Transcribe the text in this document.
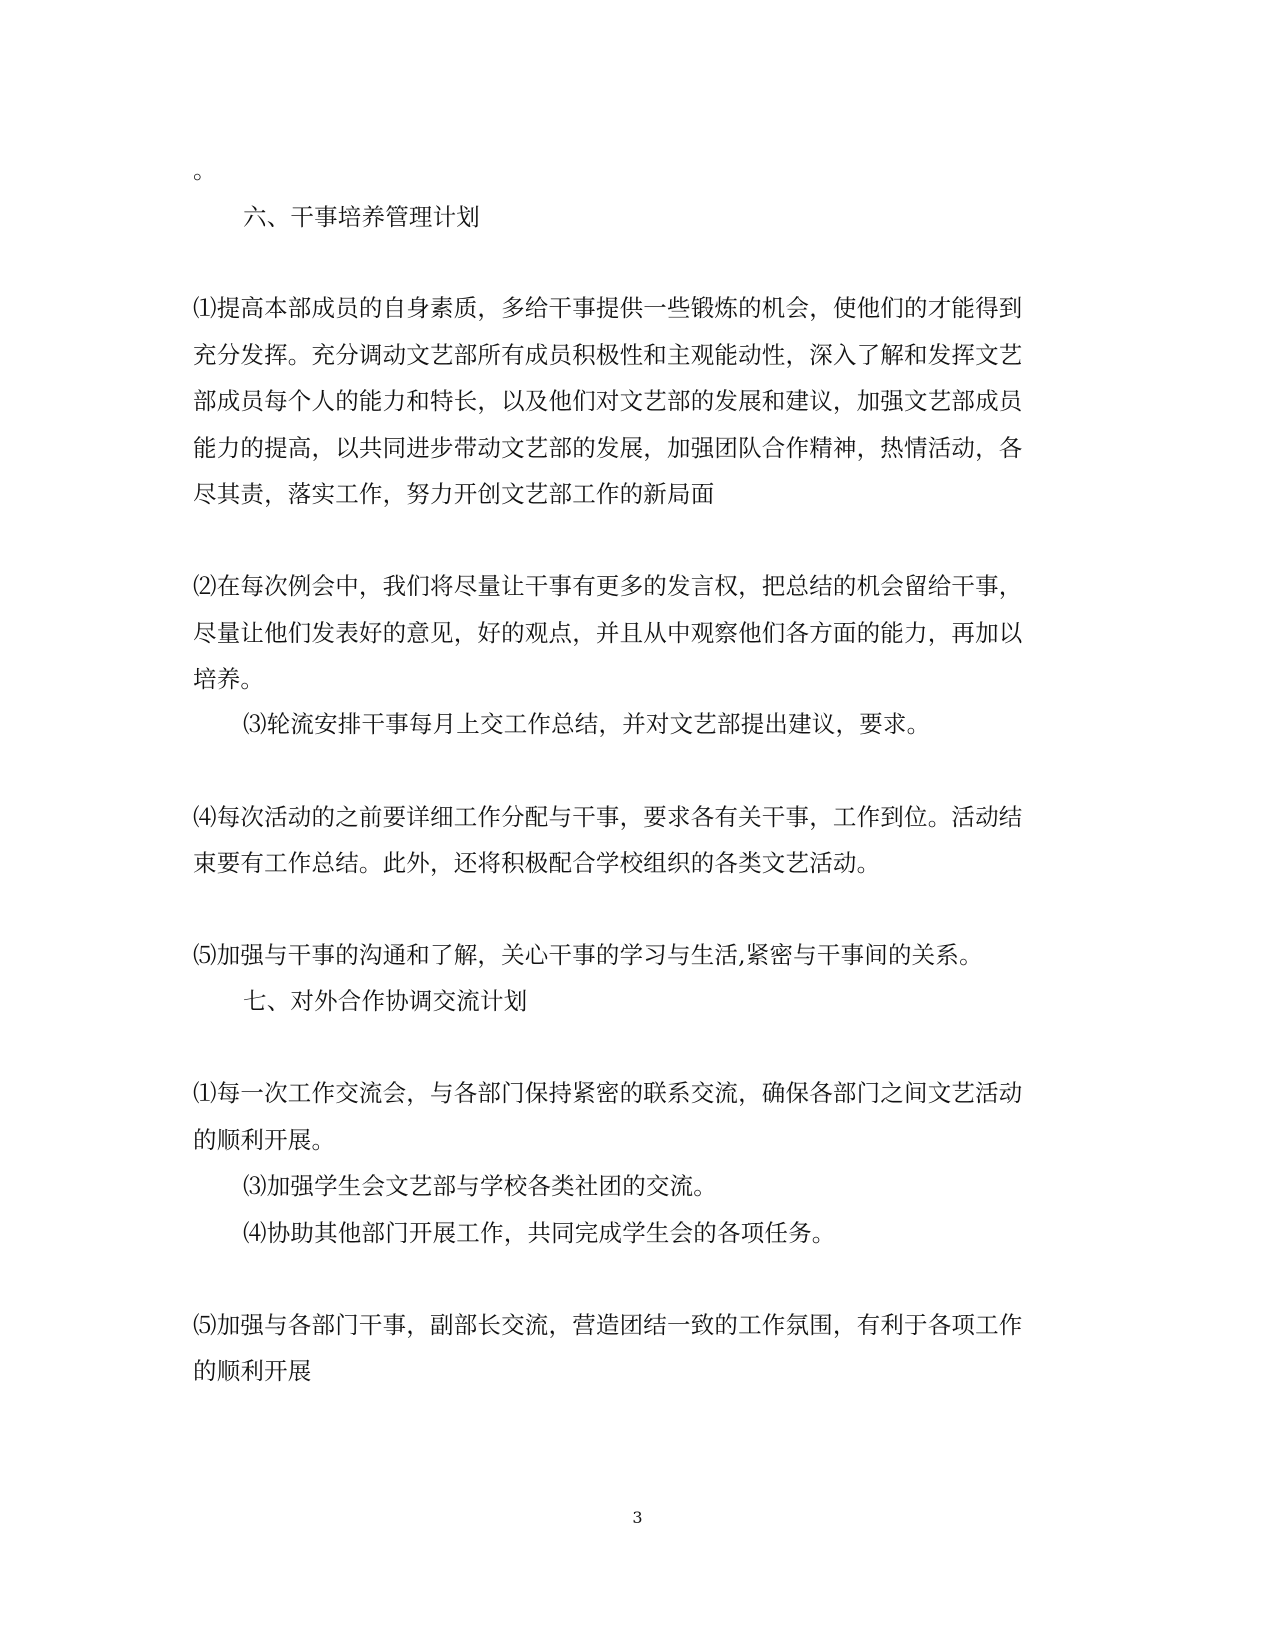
。
六、干事培养管理计划
⑴提高本部成员的自身素质，多给干事提供一些锻炼的机会，使他们的才能得到
充分发挥。充分调动文艺部所有成员积极性和主观能动性，深入了解和发挥文艺
部成员每个人的能力和特长，以及他们对文艺部的发展和建议，加强文艺部成员
能力的提高，以共同进步带动文艺部的发展，加强团队合作精神，热情活动，各
尽其责，落实工作，努力开创文艺部工作的新局面
⑵在每次例会中，我们将尽量让干事有更多的发言权，把总结的机会留给干事，
尽量让他们发表好的意见，好的观点，并且从中观察他们各方面的能力，再加以
培养。
⑶轮流安排干事每月上交工作总结，并对文艺部提出建议，要求。
⑷每次活动的之前要详细工作分配与干事，要求各有关干事，工作到位。活动结
束要有工作总结。此外，还将积极配合学校组织的各类文艺活动。
⑸加强与干事的沟通和了解，关心干事的学习与生活,紧密与干事间的关系。
七、对外合作协调交流计划
⑴每一次工作交流会，与各部门保持紧密的联系交流，确保各部门之间文艺活动
的顺利开展。
⑶加强学生会文艺部与学校各类社团的交流。
⑷协助其他部门开展工作，共同完成学生会的各项任务。
⑸加强与各部门干事，副部长交流，营造团结一致的工作氛围，有利于各项工作
的顺利开展
3
